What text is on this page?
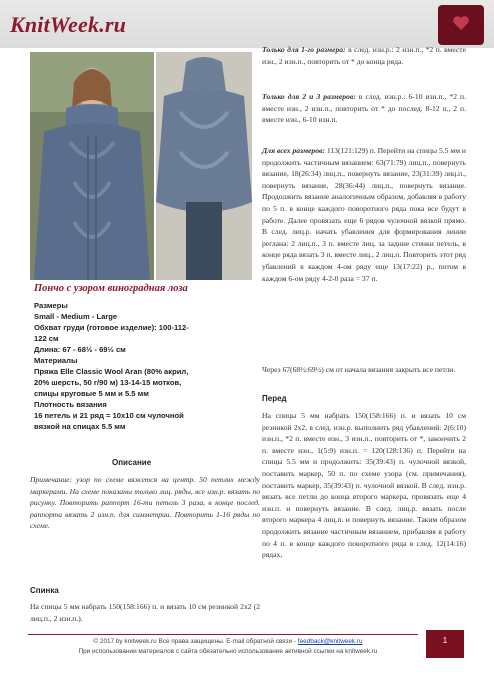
KnitWeek.ru
Пончо с узором виноградная лоза
Размеры
Small - Medium - Large
Обхват груди (готовое изделие): 100-112-
122 см
Длина: 67 - 68½ - 69½ см
Материалы
Пряжа Elle Classic Wool Aran (80% акрил,
20% шерсть, 50 г/90 м) 13-14-15 мотков,
спицы круговые 5 мм и 5.5 мм
Плотность вязания
16 петель и 21 ряд = 10x10 см чулочной
вязкой на спицах 5.5 мм
Описание
Примечание: узор по схеме вяжется на центр. 50 петлях между маркерами. На схеме показаны только лиц. ряды, все изн.р. вязать по рисунку. Повторить раппорт 16-ти петель 3 раза, в конце послед. раппорта вязать 2 изн.п. для симметрии. Повторить 1-16 ряды по схеме.
Спинка
На спицы 5 мм набрать 150(158:166) п. и вязать 10 см резинкой 2х2 (2 лиц.п., 2 изн.п.).
Только для 1-го размера: в след. изн.р.: 2 изн.п., *2 п. вместе изн., 2 изн.п., повторить от * до конца ряда.
Только для 2 и 3 размеров: в след. изн.р.: 6-10 изн.п., *2 п. вместе изн., 2 изн.п., повторить от * до послед. 8-12 п., 2 п. вместе изн., 6-10 изн.п.
Для всех размеров: 113(121:129) п. Перейти на спицы 5.5 мм и продолжить частичным вязанием: 63(71:79) лиц.п., повернуть вязание, 18(26:34) лиц.п., повернуть вязание, 23(31:39) лиц.п., повернуть вязание, 28(36:44) лиц.п., повернуть вязание. Продолжить вязание аналогичным образом, добавляя в работу по 5 п. в конце каждого поворотного ряда пока все будут в работе. Далее провязать еще 6 рядов чулочной вязкой прямо. В след. лиц.р. начать убавления для формирования линии реглана: 2 лиц.п., 3 п. вместе лиц. за задние стенки петель, в конце ряда вязать 3 п. вместе лиц., 2 лиц.п. Повторить этот ряд убавлений в каждом 4-ом ряду еще 13(17:22) р., потом в каждом 6-ом ряду 4-2-0 раза = 37 п.
Через 67(68½:69½) см от начала вязания закрыть все петли.
Перед
На спицы 5 мм набрать 150(158:166) п. и вязать 10 см резинкой 2х2, в след. изн.р. выполнить ряд убавлений: 2(6:10) изн.п., *2 п. вместе изн., 3 изн.п., повторить от *, закончить 2 п. вместе изн., 1(5:9) изн.п. = 120(128:136) п. Перейти на спицы 5.5 мм и продолжить: 35(39:43) п. чулочной вязкой, поставить маркер, 50 п. по схеме узора (см. примечания), поставить маркер, 35(39:43) п. чулочной вязкой. В след. изн.р. вязать все петли до конца второго маркера, провязать еще 4 изн.п. и повернуть вязание. В след. лиц.р. вязать после второго маркера 4 лиц.п. и повернуть вязание. Таким образом продолжить вязание частичным вязанием, прибавляя в работу по 4 п. в конце каждого поворотного ряда в след. 12(14:16) рядах,
© 2017 by knitweek.ru Все права защищены. E-mail обратной связи - feedback@knitweek.ru
При использовании материалов с сайта обязательно использование активной ссылки на knitweek.ru
1
